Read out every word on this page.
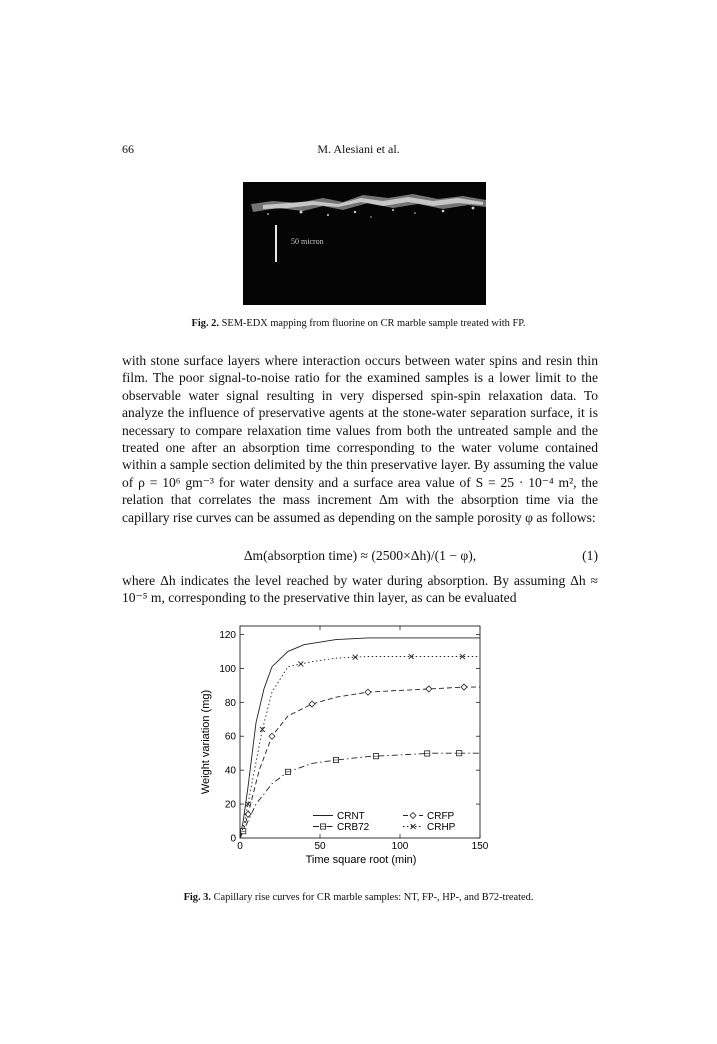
66	M. Alesiani et al.
50 micron
Fig. 2. SEM-EDX mapping from fluorine on CR marble sample treated with FP.

with stone surface layers where interaction occurs between water spins and resin thin film. The poor signal-to-noise ratio for the examined samples is a lower limit to the observable water signal resulting in very dispersed spin-spin relaxation data. To analyze the influence of preservative agents at the stone-water separation surface, it is necessary to compare relaxation time values from both the untreated sample and the treated one after an absorption time corresponding to the water volume contained within a sample section delimited by the thin preservative layer. By assuming the value of ρ = 10⁶ gm⁻³ for water density and a surface area value of S = 25 · 10⁻⁴ m², the relation that correlates the mass increment Δm with the absorption time via the capillary rise curves can be assumed as depending on the sample porosity φ as follows:

Δm(absorption time) ≈ (2500×Δh)/(1 − φ),	(1)

where Δh indicates the level reached by water during absorption. By assuming Δh ≈ 10⁻⁵ m, corresponding to the preservative thin layer, as can be evaluated

0	50	100	150
0
20
40
60
80
100
120
CRNT	CRFP
CRB72	CRHP
Time square root (min)
Weight variation (mg)
Fig. 3. Capillary rise curves for CR marble samples: NT, FP-, HP-, and B72-treated.
